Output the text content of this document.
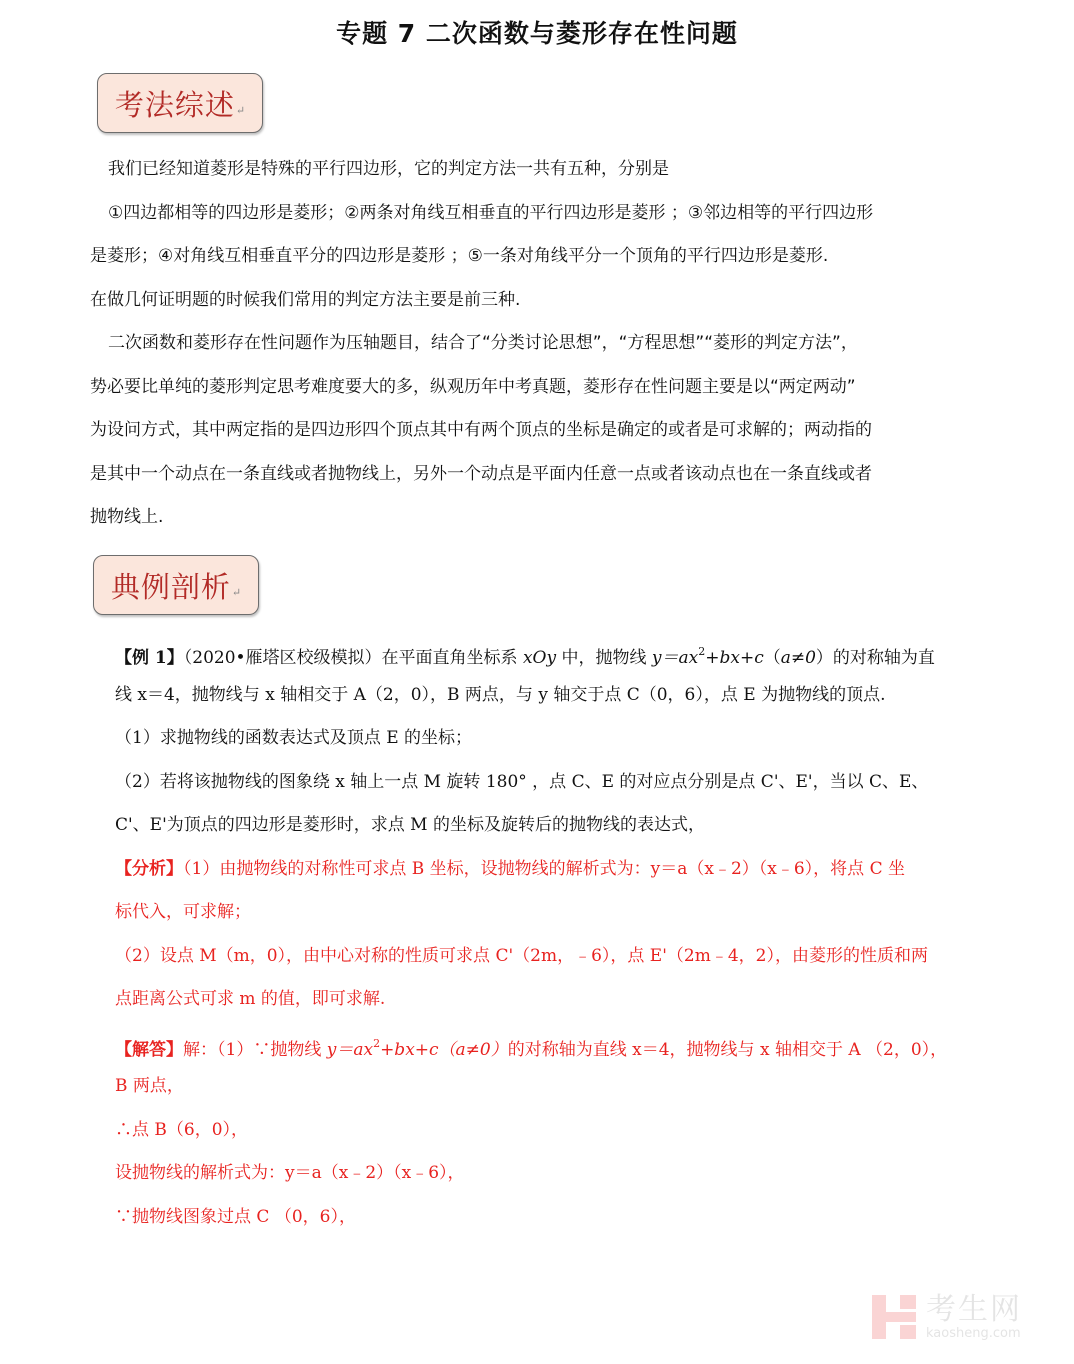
专题 7 二次函数与菱形存在性问题
考法综述 ↵
我们已经知道菱形是特殊的平行四边形，它的判定方法一共有五种，分别是
①四边都相等的四边形是菱形；②两条对角线互相垂直的平行四边形是菱形 ；③邻边相等的平行四边形
是菱形；④对角线互相垂直平分的四边形是菱形 ；⑤一条对角线平分一个顶角的平行四边形是菱形.
在做几何证明题的时候我们常用的判定方法主要是前三种.
二次函数和菱形存在性问题作为压轴题目，结合了“分类讨论思想”，“方程思想”“菱形的判定方法”，
势必要比单纯的菱形判定思考难度要大的多，纵观历年中考真题，菱形存在性问题主要是以“两定两动”
为设问方式，其中两定指的是四边形四个顶点其中有两个顶点的坐标是确定的或者是可求解的；两动指的
是其中一个动点在一条直线或者抛物线上，另外一个动点是平面内任意一点或者该动点也在一条直线或者
抛物线上.
典例剖析 ↵
【例 1】（2020•雁塔区校级模拟）在平面直角坐标系 xOy 中，抛物线 $y=ax^2+bx+c(a\ne 0)$的对称轴为直
线 x＝4，抛物线与 x 轴相交于 A（2，0），B 两点，与 y 轴交于点 C（0，6），点 E 为抛物线的顶点.
（1）求抛物线的函数表达式及顶点 E 的坐标；
（2）若将该抛物线的图象绕 x 轴上一点 M 旋转 180° ，点 C、E 的对应点分别是点 C'、E'，当以 C、E、
C'、E'为顶点的四边形是菱形时，求点 M 的坐标及旋转后的抛物线的表达式，
【分析】（1）由抛物线的对称性可求点 B 坐标，设抛物线的解析式为：y＝a（x﹣2）（x﹣6），将点 C 坐
标代入，可求解；
（2）设点 M（m，0），由中心对称的性质可求点 C'（2m，﹣6），点 E'（2m﹣4，2），由菱形的性质和两
点距离公式可求 m 的值，即可求解.
【解答】解：（1）∵抛物线 $y=ax^2+bx+c(a\ne 0)$的对称轴为直线 x＝4，抛物线与 x 轴相交于 A （2，0），
B 两点，
∴点 B（6，0），
设抛物线的解析式为：y＝a（x﹣2）（x﹣6），
∵抛物线图象过点 C （0，6），
考生网
kaosheng.com
